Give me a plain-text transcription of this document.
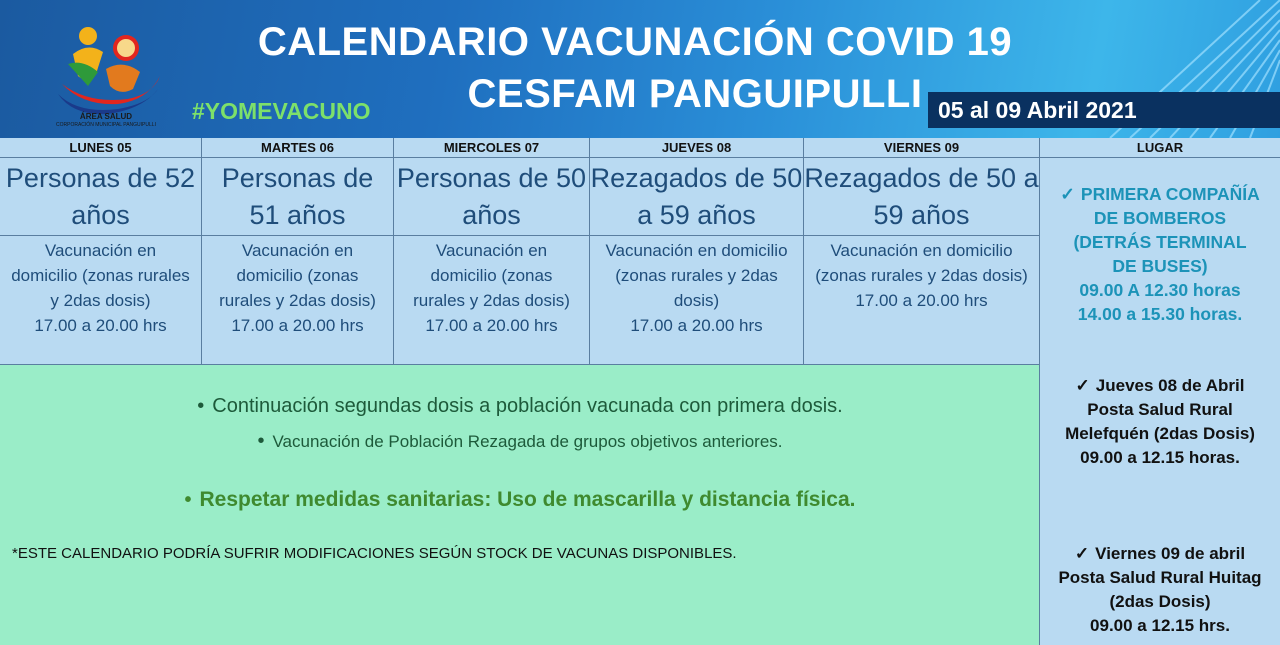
ÁREA SALUD
CORPORACIÓN MUNICIPAL PANGUIPULLI
CALENDARIO VACUNACIÓN COVID 19
CESFAM PANGUIPULLI
#YOMEVACUNO	05 al 09 Abril 2021
LUNES 05
Personas de 52
años
Vacunación en
domicilio (zonas rurales
y 2das dosis)
17.00 a 20.00 hrs
MARTES 06
Personas de
51 años
Vacunación en
domicilio (zonas
rurales y 2das dosis)
17.00 a 20.00 hrs
MIERCOLES 07
Personas de 50
años
Vacunación en
domicilio (zonas
rurales y 2das dosis)
17.00 a 20.00 hrs
JUEVES 08
Rezagados de 50
a 59 años
Vacunación en domicilio
(zonas rurales y 2das
dosis)
17.00 a 20.00 hrs
VIERNES 09
Rezagados de 50 a
59 años
Vacunación en domicilio
(zonas rurales y 2das dosis)
17.00 a 20.00 hrs
• Continuación segundas dosis a población vacunada con primera dosis.
• Vacunación de Población Rezagada de grupos objetivos anteriores.
• Respetar medidas sanitarias: Uso de mascarilla y distancia física.
*ESTE CALENDARIO PODRÍA SUFRIR MODIFICACIONES SEGÚN STOCK DE VACUNAS DISPONIBLES.
LUGAR
✓ PRIMERA COMPAÑÍA
DE BOMBEROS
(DETRÁS TERMINAL
DE BUSES)
09.00 A 12.30 horas
14.00 a 15.30 horas.
✓ Jueves 08 de Abril
Posta Salud Rural
Melefquén (2das Dosis)
09.00 a 12.15 horas.
✓ Viernes 09 de abril
Posta Salud Rural Huitag
(2das Dosis)
09.00 a 12.15 hrs.
